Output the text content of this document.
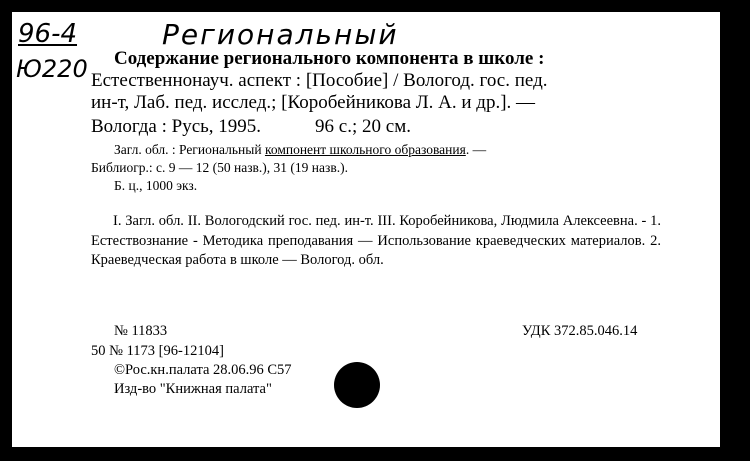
96-4
Ю220
Региональный
Содержание регионального компонента в школе :
Естественнонауч. аспект : [Пособие] / Вологод. гос. пед.
ин-т, Лаб. пед. исслед.; [Коробейникова Л. А. и др.]. —
Вологда : Русь, 1995.	96 с.; 20 см.
Загл. обл. : Региональный компонент школьного образования. —
Библиогр.: с. 9 — 12 (50 назв.), 31 (19 назв.).
Б. ц., 1000 экз.
I. Загл. обл. II. Вологодский гос. пед. ин-т. III. Коробейникова, Людмила Алексеевна. - 1. Естествознание - Методика преподавания — Использование краеведческих материалов. 2. Краеведческая работа в школе — Вологод. обл.
№ 11833	УДК 372.85.046.14
50 № 1173 [96-12104]
©Рос.кн.палата 28.06.96 С57
Изд-во "Книжная палата"
